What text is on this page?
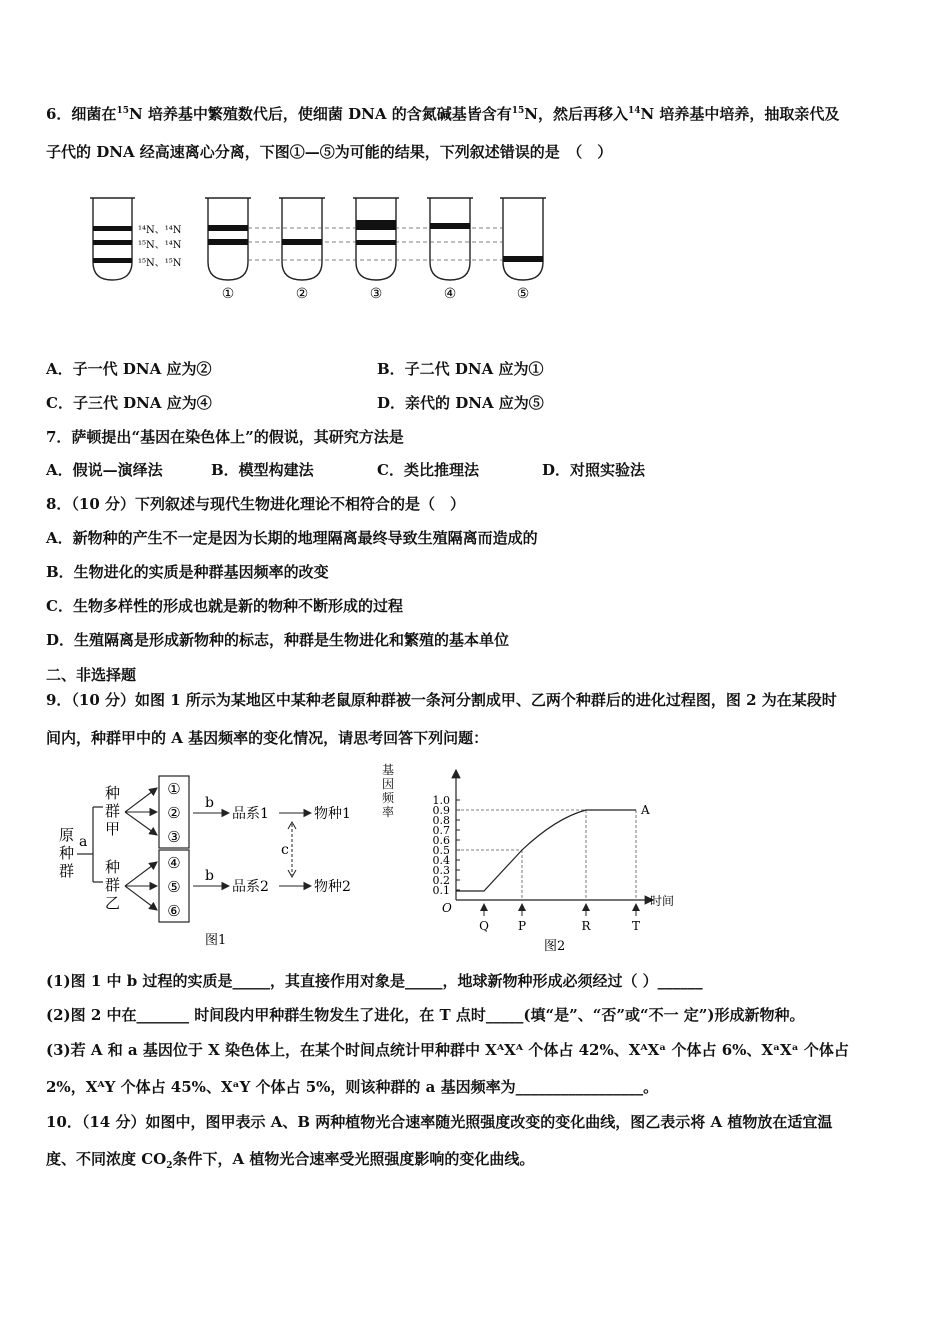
6．细菌在$^{15}$N 培养基中繁殖数代后，使细菌 DNA 的含氮碱基皆含有$^{15}$N，然后再移入$^{14}$N 培养基中培养，抽取亲代及
子代的 DNA 经高速离心分离，下图①—⑤为可能的结果，下列叙述错误的是　（　）
¹⁴N、¹⁴N
¹⁵N、¹⁴N
¹⁵N、¹⁵N
①	②	③	④	⑤
A．子一代 DNA 应为②	B．子二代 DNA 应为①
C．子三代 DNA 应为④	D．亲代的 DNA 应为⑤
7．萨顿提出“基因在染色体上”的假说，其研究方法是
A．假说—演绎法	B．模型构建法	C．类比推理法	D．对照实验法
8．（10 分）下列叙述与现代生物进化理论不相符合的是（　）
A．新物种的产生不一定是因为长期的地理隔离最终导致生殖隔离而造成的
B．生物进化的实质是种群基因频率的改变
C．生物多样性的形成也就是新的物种不断形成的过程
D．生殖隔离是形成新物种的标志，种群是生物进化和繁殖的基本单位
二、非选择题
9．（10 分）如图 1 所示为某地区中某种老鼠原种群被一条河分割成甲、乙两个种群后的进化过程图，图 2 为在某段时
间内，种群甲中的 A 基因频率的变化情况，请思考回答下列问题：
原
种
群
a
种
群
甲
种
群
乙
①
②
③
④
⑤
⑥
b
b
品系1
品系2
物种1
物种2
c
图1
基
因
频
率
1.0
0.9
0.8
0.7
0.6
0.5
0.4
0.3
0.2
0.1
O	时间
A
Q P	R	T
图2
(1)图 1 中 b 过程的实质是_____，其直接作用对象是_____，地球新物种形成必须经过（ ）______
(2)图 2 中在_______ 时间段内甲种群生物发生了进化，在 T 点时_____(填“是”、“否”或“不一 定”)形成新物种。
(3)若 A 和 a 基因位于 X 染色体上，在某个时间点统计甲种群中 XᴬXᴬ 个体占 42%、XᴬXᵃ 个体占 6%、XᵃXᵃ 个体占
2%，XᴬY 个体占 45%、XᵃY 个体占 5%，则该种群的 a 基因频率为_________________。
10．（14 分）如图中，图甲表示 A、B 两种植物光合速率随光照强度改变的变化曲线，图乙表示将 A 植物放在适宜温
度、不同浓度 $CO_2$条件下，A 植物光合速率受光照强度影响的变化曲线。
